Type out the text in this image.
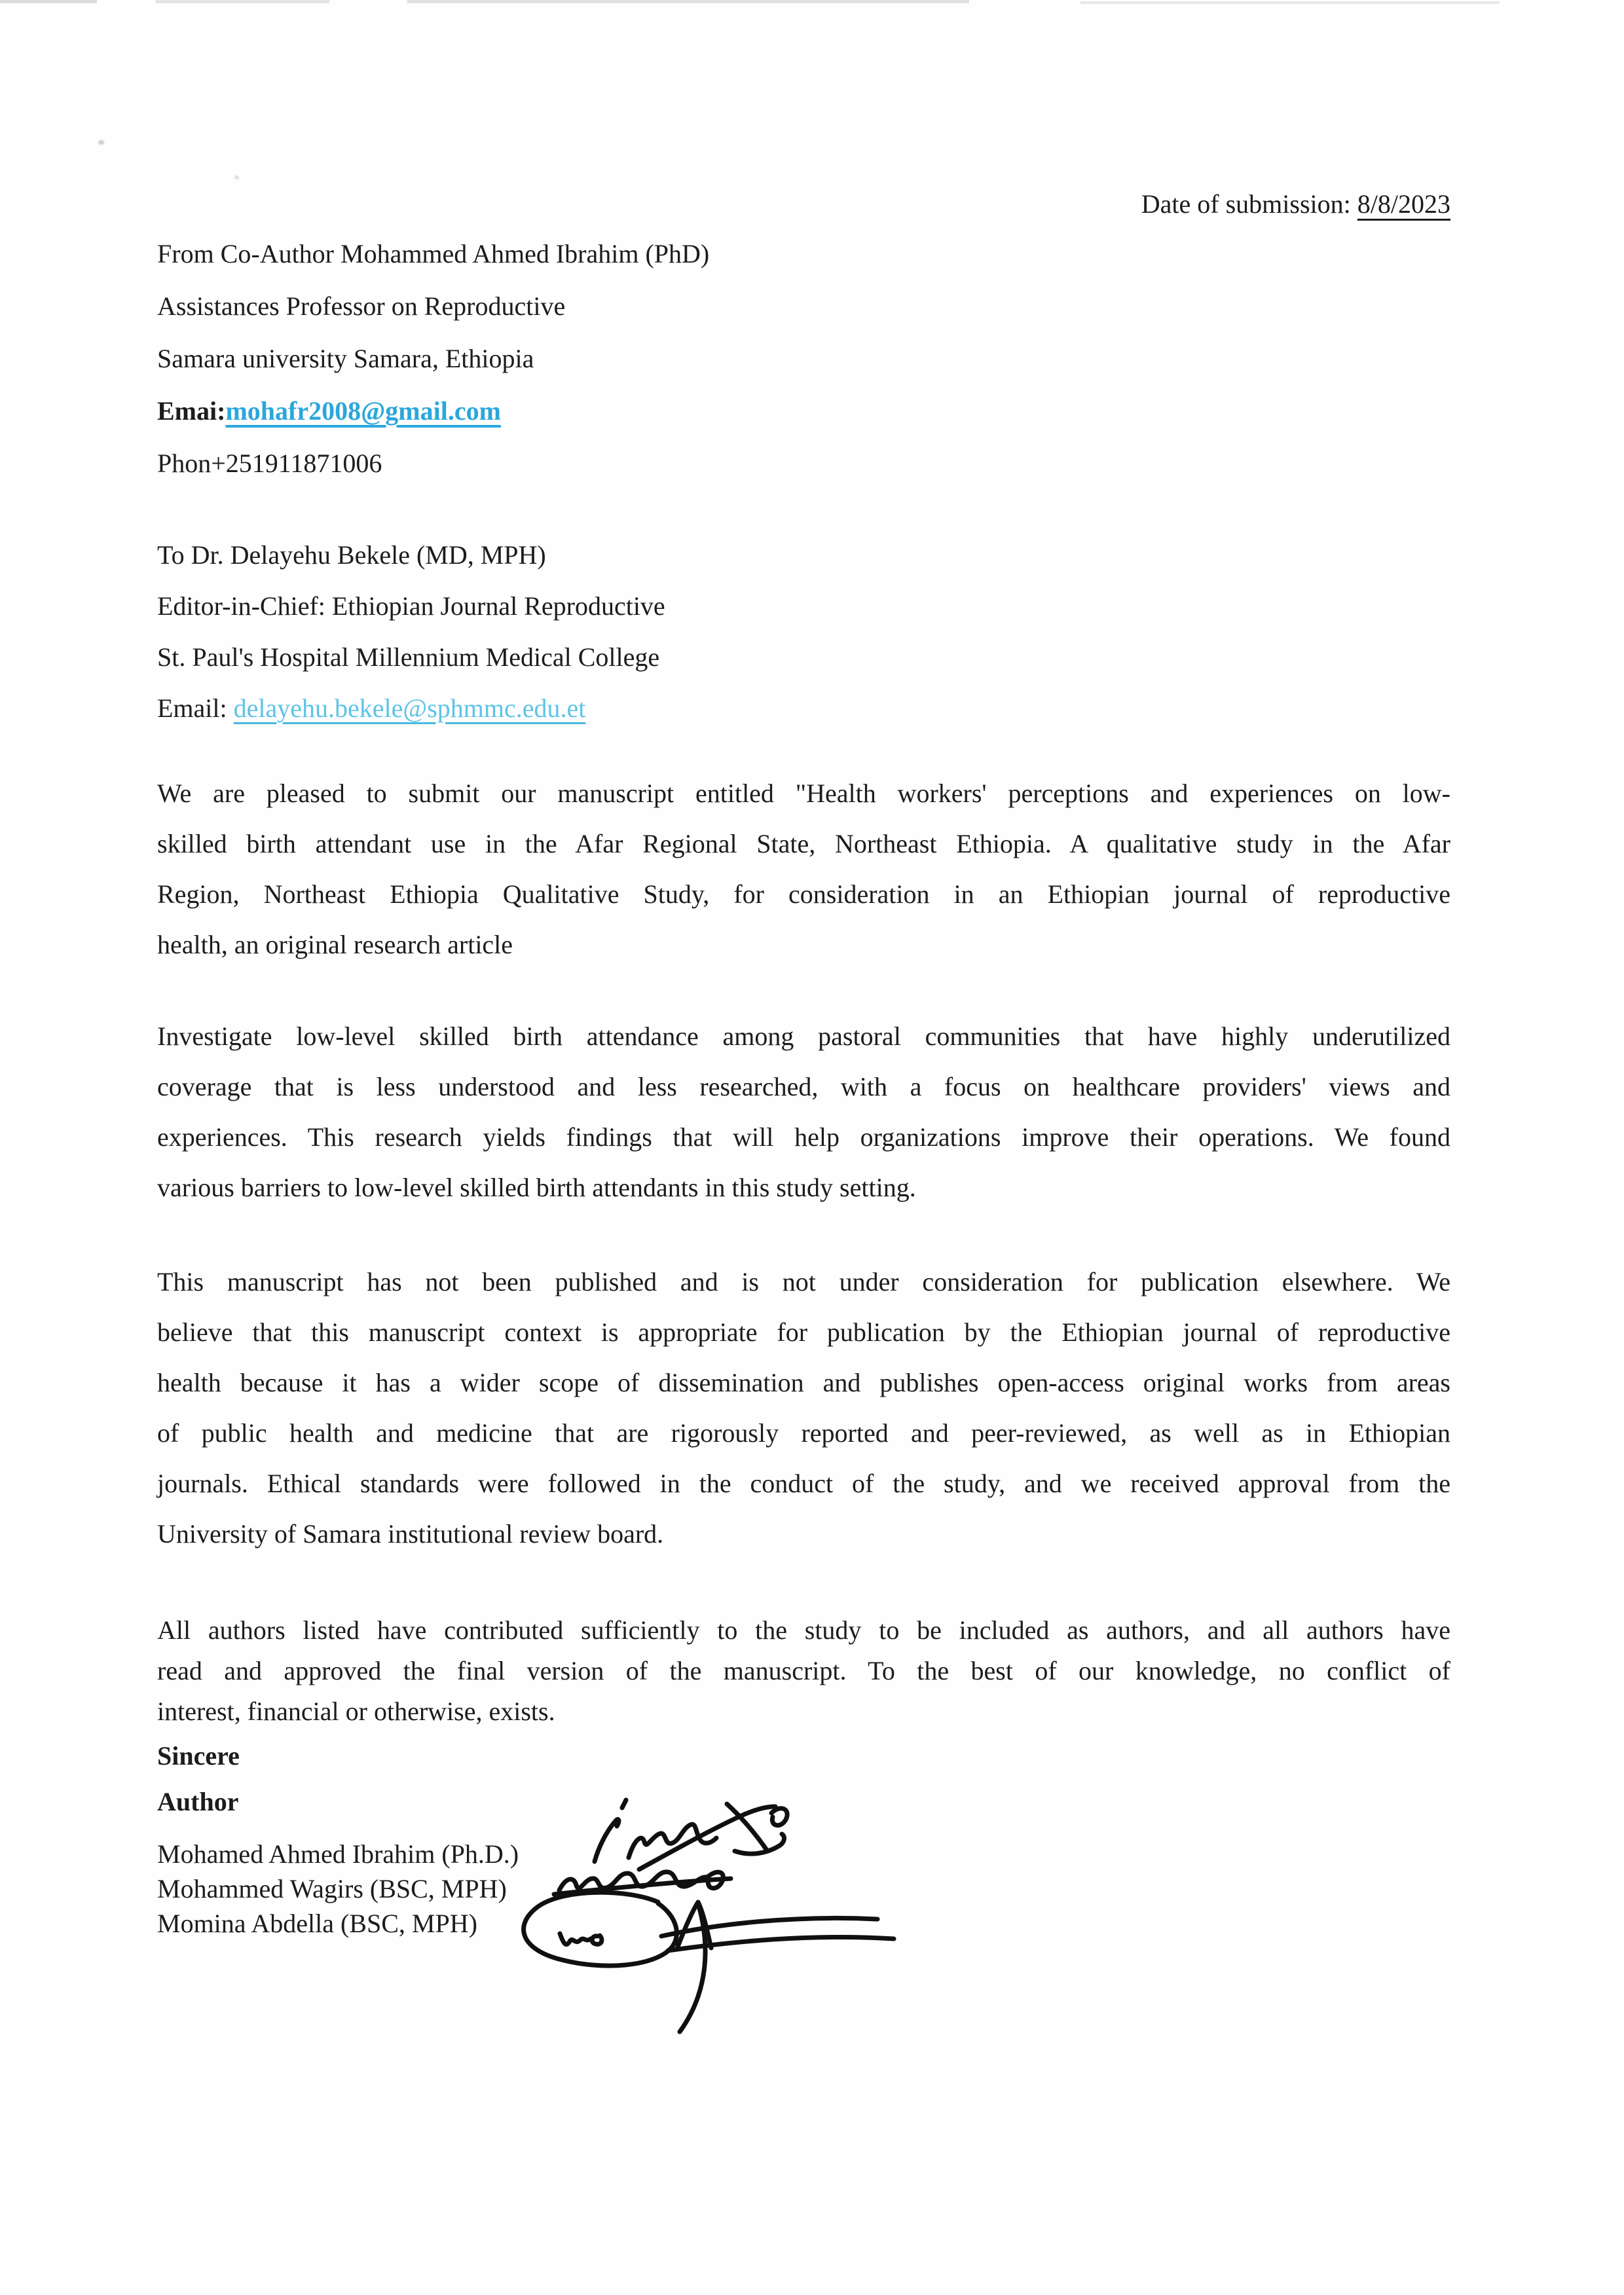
Date of submission: 8/8/2023
From Co-Author Mohammed Ahmed Ibrahim (PhD)
Assistances Professor on Reproductive
Samara university Samara, Ethiopia
Emai:mohafr2008@gmail.com
Phon+251911871006
To Dr. Delayehu Bekele (MD, MPH)
Editor-in-Chief: Ethiopian Journal Reproductive
St. Paul's Hospital Millennium Medical College
Email: delayehu.bekele@sphmmc.edu.et
We are pleased to submit our manuscript entitled "Health workers' perceptions and experiences on low-
skilled birth attendant use in the Afar Regional State, Northeast Ethiopia. A qualitative study in the Afar
Region, Northeast Ethiopia Qualitative Study, for consideration in an Ethiopian journal of reproductive
health, an original research article
Investigate low-level skilled birth attendance among pastoral communities that have highly underutilized
coverage that is less understood and less researched, with a focus on healthcare providers' views and
experiences. This research yields findings that will help organizations improve their operations. We found
various barriers to low-level skilled birth attendants in this study setting.
This manuscript has not been published and is not under consideration for publication elsewhere. We
believe that this manuscript context is appropriate for publication by the Ethiopian journal of reproductive
health because it has a wider scope of dissemination and publishes open-access original works from areas
of public health and medicine that are rigorously reported and peer-reviewed, as well as in Ethiopian
journals. Ethical standards were followed in the conduct of the study, and we received approval from the
University of Samara institutional review board.
All authors listed have contributed sufficiently to the study to be included as authors, and all authors have
read and approved the final version of the manuscript. To the best of our knowledge, no conflict of
interest, financial or otherwise, exists.
Sincere
Author
Mohamed Ahmed Ibrahim (Ph.D.)
Mohammed Wagirs (BSC, MPH)
Momina Abdella (BSC, MPH)
